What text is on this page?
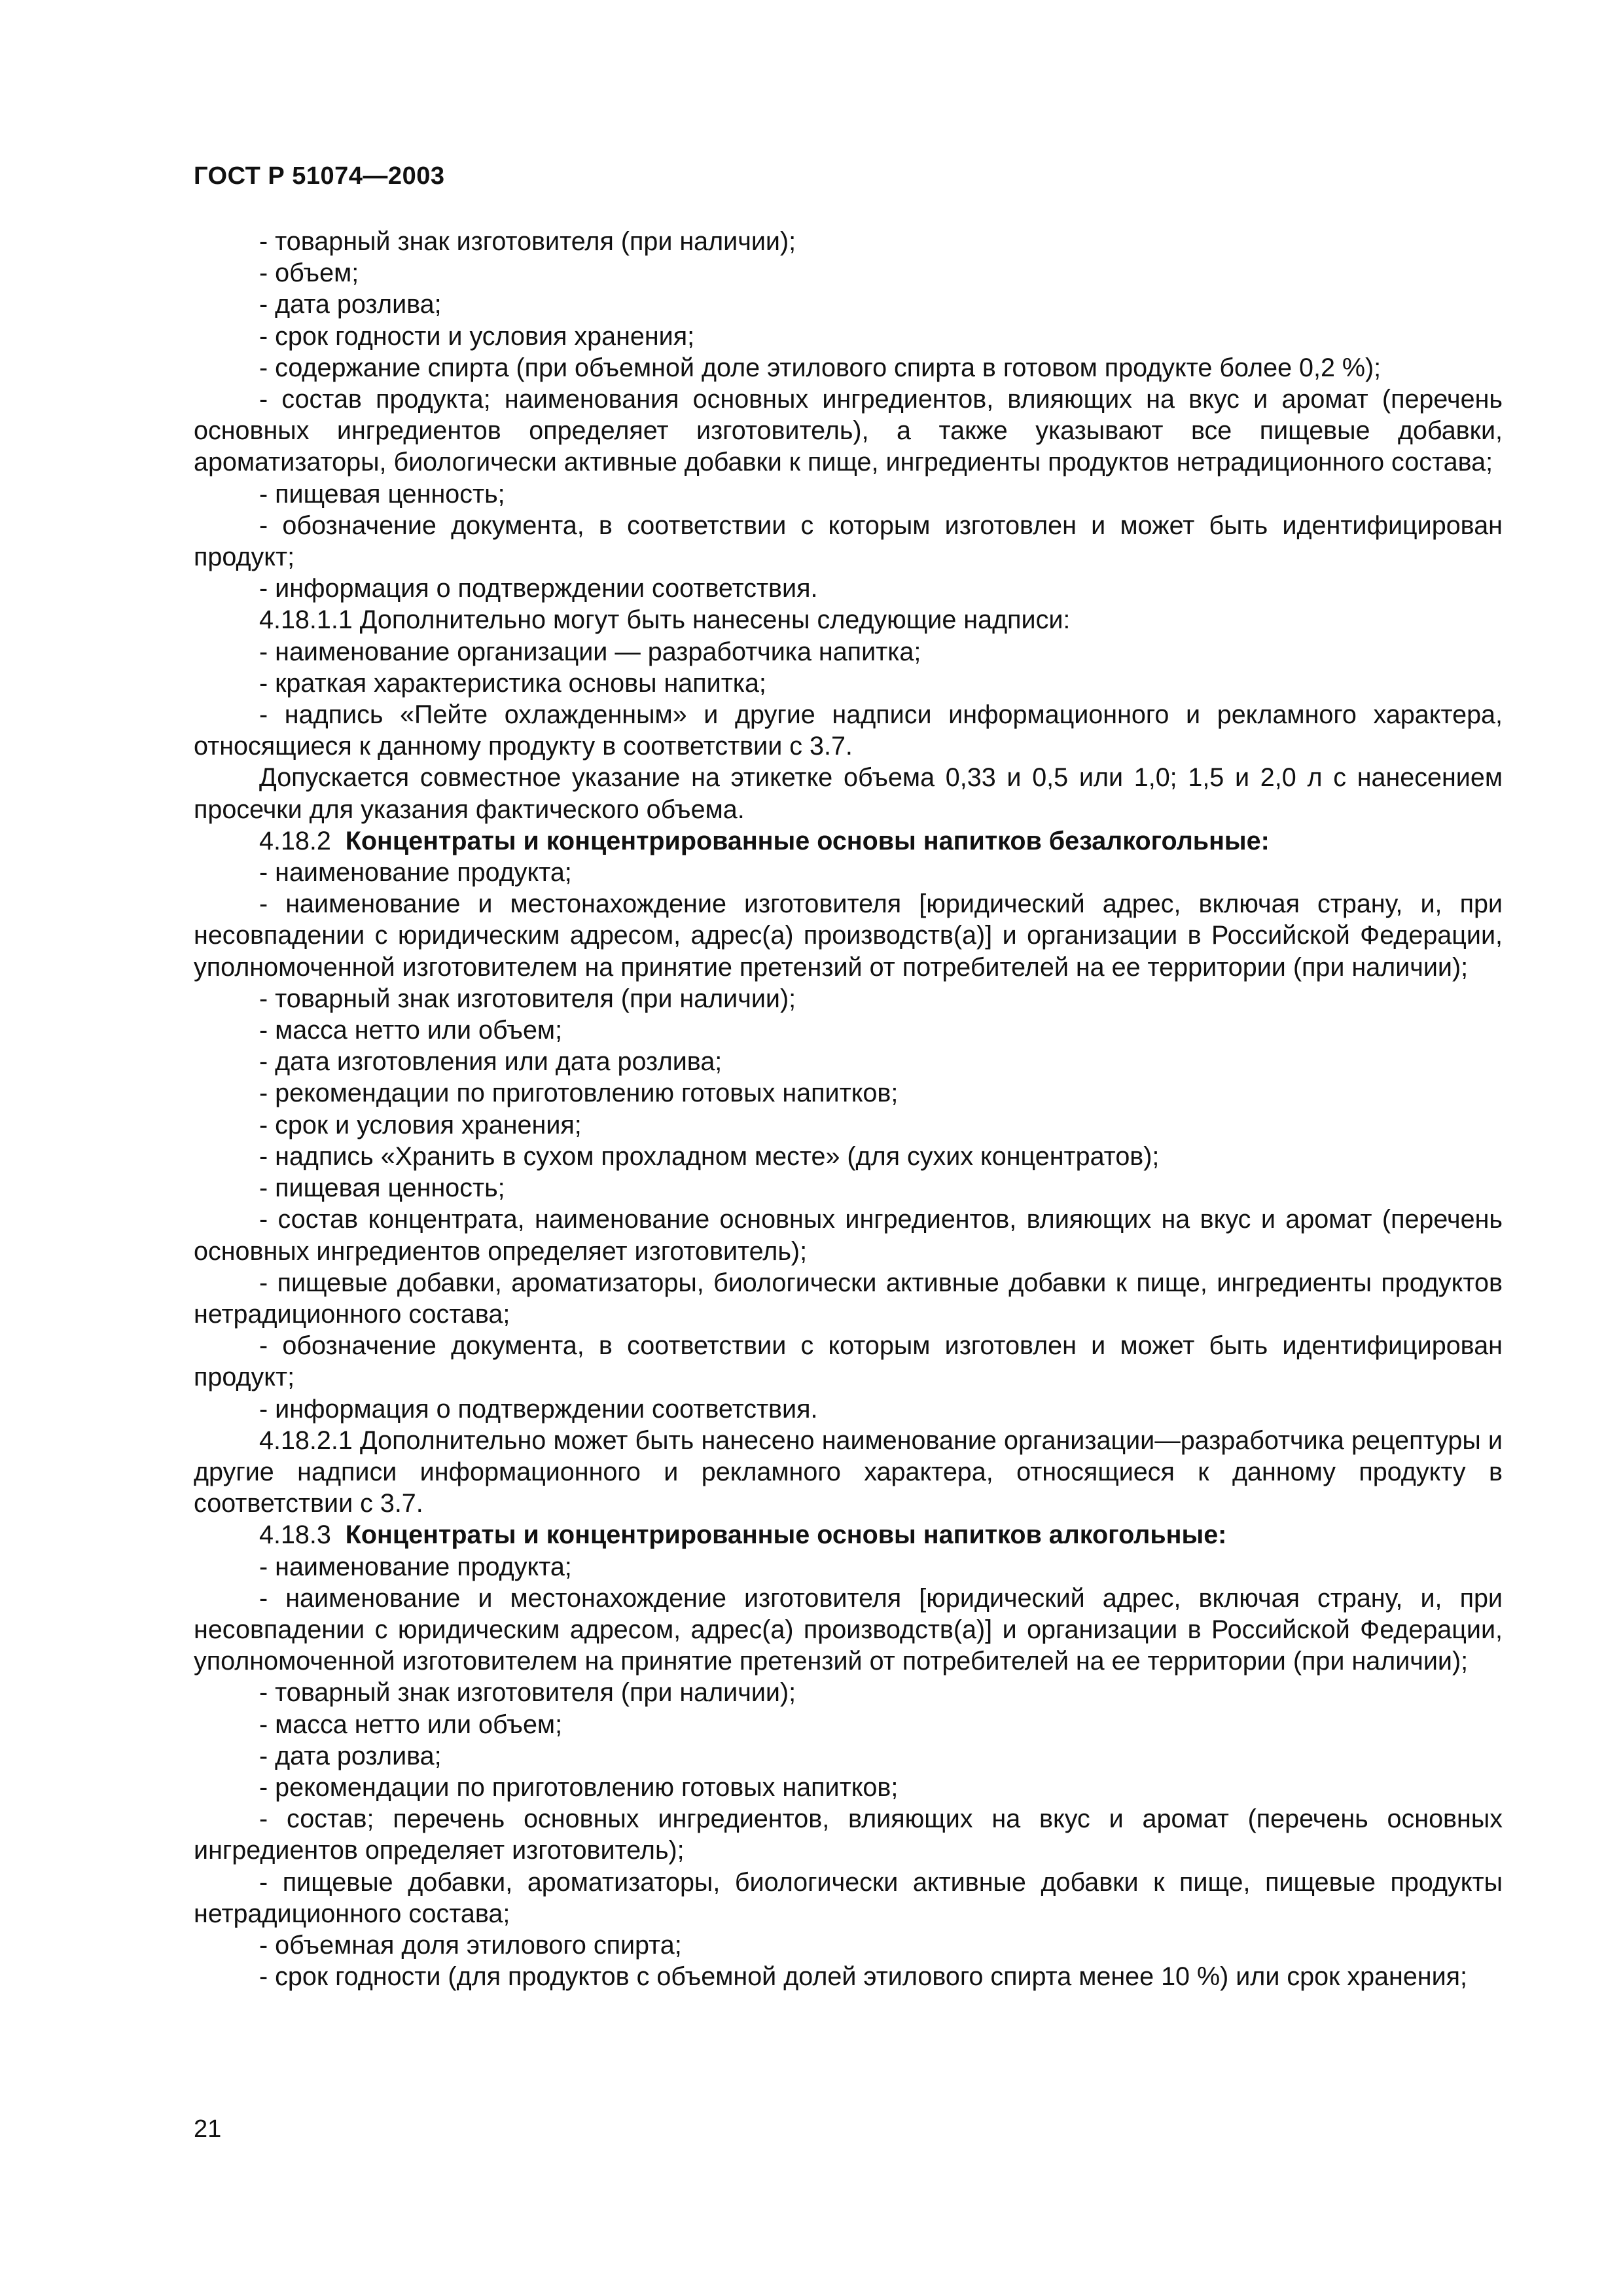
ГОСТ Р 51074—2003

- товарный знак изготовителя (при наличии);

- объем;

- дата розлива;

- срок годности и условия хранения;

- содержание спирта (при объемной доле этилового спирта в готовом продукте более 0,2 %);

- состав продукта; наименования основных ингредиентов, влияющих на вкус и аромат (перечень основных ингредиентов определяет изготовитель), а также указывают все пищевые добавки, ароматизаторы, биологически активные добавки к пище, ингредиенты продуктов нетрадиционного состава;

- пищевая ценность;

- обозначение документа, в соответствии с которым изготовлен и может быть идентифицирован продукт;

- информация о подтверждении соответствия.

4.18.1.1 Дополнительно могут быть нанесены следующие надписи:

- наименование организации — разработчика напитка;

- краткая характеристика основы напитка;

- надпись «Пейте охлажденным» и другие надписи информационного и рекламного характера, относящиеся к данному продукту в соответствии с 3.7.

Допускается совместное указание на этикетке объема 0,33 и 0,5 или 1,0; 1,5 и 2,0 л с нанесением просечки для указания фактического объема.

4.18.2 Концентраты и концентрированные основы напитков безалкогольные:

- наименование продукта;

- наименование и местонахождение изготовителя [юридический адрес, включая страну, и, при несовпадении с юридическим адресом, адрес(а) производств(а)] и организации в Российской Федерации, уполномоченной изготовителем на принятие претензий от потребителей на ее территории (при наличии);

- товарный знак изготовителя (при наличии);

- масса нетто или объем;

- дата изготовления или дата розлива;

- рекомендации по приготовлению готовых напитков;

- срок и условия хранения;

- надпись «Хранить в сухом прохладном месте» (для сухих концентратов);

- пищевая ценность;

- состав концентрата, наименование основных ингредиентов, влияющих на вкус и аромат (перечень основных ингредиентов определяет изготовитель);

- пищевые добавки, ароматизаторы, биологически активные добавки к пище, ингредиенты продуктов нетрадиционного состава;

- обозначение документа, в соответствии с которым изготовлен и может быть идентифицирован продукт;

- информация о подтверждении соответствия.

4.18.2.1 Дополнительно может быть нанесено наименование организации—разработчика рецептуры и другие надписи информационного и рекламного характера, относящиеся к данному продукту в соответствии с 3.7.

4.18.3 Концентраты и концентрированные основы напитков алкогольные:

- наименование продукта;

- наименование и местонахождение изготовителя [юридический адрес, включая страну, и, при несовпадении с юридическим адресом, адрес(а) производств(а)] и организации в Российской Федерации, уполномоченной изготовителем на принятие претензий от потребителей на ее территории (при наличии);

- товарный знак изготовителя (при наличии);

- масса нетто или объем;

- дата розлива;

- рекомендации по приготовлению готовых напитков;

- состав; перечень основных ингредиентов, влияющих на вкус и аромат (перечень основных ингредиентов определяет изготовитель);

- пищевые добавки, ароматизаторы, биологически активные добавки к пище, пищевые продукты нетрадиционного состава;

- объемная доля этилового спирта;

- срок годности (для продуктов с объемной долей этилового спирта менее 10 %) или срок хранения;

21
